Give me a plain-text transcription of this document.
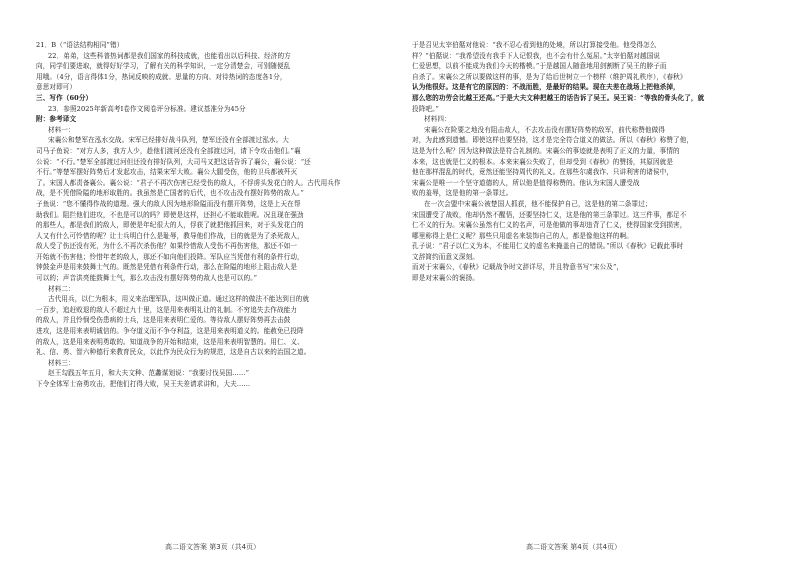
21．B（“语法结构相同”错）
22．弟弟，这些科普热词都是我们国家的科技成就，也能看出以后科技、经济的方
向，同学们要进取，就得好好学习，了解有关的科学知识，一定分清楚会，可别随便乱
用哦。（4分，语言得体1分，热词反映的成就、思量的方向、对待热词的态度各1分，
意思对即可）
三、写作（60分）
23．参照2025年新高考Ⅰ卷作文阅卷评分标准。建议基准分为45分
附：参考译文
材料一：
宋襄公和楚军在泓水交战。宋军已经排好战斗队列，楚军还没有全部渡过泓水。大
司马子鱼说：“对方人多，我方人少，趁他们渡河还没有全部渡过河，请下令攻击他们。”襄
公说：“不行。”楚军全部渡过河但还没有排好队列，大司马又把这话告诉了襄公，襄公说：“还
不行。”等楚军摆好阵势后才发起攻击，结果宋军大败。襄公大腿受伤，他的卫兵都被歼灭
了。宋国人都责备襄公。襄公说：“君子不再次伤害已经受伤的敌人，不俘虏头发花白的人。古代用兵作
战，是不凭借险隘的地形取胜的。我虽然是亡国者的后代，也不攻击没有摆好阵势的敌人。”
子鱼说：“您不懂得作战的道理。强大的敌人因为地形险隘而没有摆开阵势，这是上天在帮
助我们。阻拦他们进攻，不也是可以的吗？即使是这样，还担心不能取胜呢。况且现在强劲
的那些人，都是我们的敌人，即使是年纪很大的人，俘获了就把他抓回来，对于头发花白的
人又有什么可怜惜的呢？让士兵明白什么是耻辱，教导他们作战，目的就是为了杀死敌人，
敌人受了伤还没有死，为什么不再次杀伤他？如果怜惜敌人受伤不再伤害他，那还不如一
开始就不伤害他；怜惜年老的敌人，那还不如向他们投降。军队应当凭借有利的条件行动，
钟鼓金声是用来鼓舞士气的。既然是凭借有利条件行动，那么在险隘的地形上阻击敌人是
可以的；声音洪亮能鼓舞士气，那么攻击没有摆好阵势的敌人也是可以的。”
材料二：
古代用兵，以仁为根本，用义来治理军队，这叫做正道。通过这样的做法不能达到目的就
一百步，追赶败退的敌人不超过九十里，这是用来表明礼让的礼制。不穷追失去作战能力
的敌人，并且怜悯受伤患病的士兵，这是用来表明仁爱的。等待敌人摆好阵势再去击鼓
进攻，这是用来表明诚信的。争夺道义而不争夺利益，这是用来表明道义的。能赦免已投降
的敌人，这是用来表明勇敢的。知道战争的开始和结束，这是用来表明智慧的。用仁、义、
礼、信、勇、智六种德行来教育民众，以此作为民众行为的规范，这是自古以来的治国之道。
材料三：
赵王勾践五年五月，和大夫文种、范蠡谋划说：“我要讨伐吴国……”
下令全体军士奋勇攻击，把他们打得大败，吴王夫差请求讲和，大夫……
于是召见太宰伯嚭对他说：“我不忍心看到他的处境，所以打算接受他。他受得怎么
样？”伯嚭说：“我希望没有我手下人记恨我，也不会有什么冤屈。”太宰伯嚭对越国说
仁爱思想，以前不能成为我们今天的楷模。”于是越国人随意地用剑割断了吴王的脖子而
自杀了。宋襄公之所以要做这样的事，是为了给后世树立一个榜样（维护周礼秩序），《春秋》
认为他很好。这是有它的原因的：不战而胜，是最好的结果。现在夫差在战场上把他杀掉，
那么您的功劳会比越王还高。”于是大夫文种把越王的话告诉了吴王。吴王说：“等我的骨头化了，就
投降吧。”
材料四：
宋襄公在险要之地没有阻击敌人，不去攻击没有摆好阵势的敌军，前代称赞他做得
对，为此感到遗憾。即使这样也要坚持，这才是完全符合道义的做法。所以《春秋》称赞了他，
这是为什么呢？因为这种做法是符合礼制的。宋襄公的事迹就是表明了正义的力量，事情的
本来，这也就是仁义的根本。本来宋襄公失败了，但却受到《春秋》的赞扬，其原因就是
他在那样混乱的时代，竟然还能坚持周代的礼义。在那些尔虞我诈、只讲利害的诸侯中，
宋襄公是唯一一个坚守道德的人，所以他是值得称赞的。他认为宋国人遭受战
败的羞辱，这是他的第一条罪过。
在一次会盟中宋襄公被楚国人抓获，他不能保护自己，这是他的第二条罪过；
宋国遭受了战败，他却仍然不醒悟，还要坚持仁义，这是他的第三条罪过。这三件事，都足不
仁不义的行为。宋襄公虽然有仁义的名声，可是他做的事却违背了仁义，使得国家受到损害，
哪里称得上是仁义呢？那些只用虚名来装饰自己的人，都是像他这样的啊。
孔子说：“君子以仁义为本，不能用仁义的虚名来掩盖自己的错误。”所以《春秋》记载此事时
文辞简约而意义深刻。
而对于宋襄公，《春秋》记载战争时文辞详尽，并且特意书写“宋公及”，
即是对宋襄公的褒扬。
高二语文答案 第3页（共4页）	高二语文答案 第4页（共4页）
